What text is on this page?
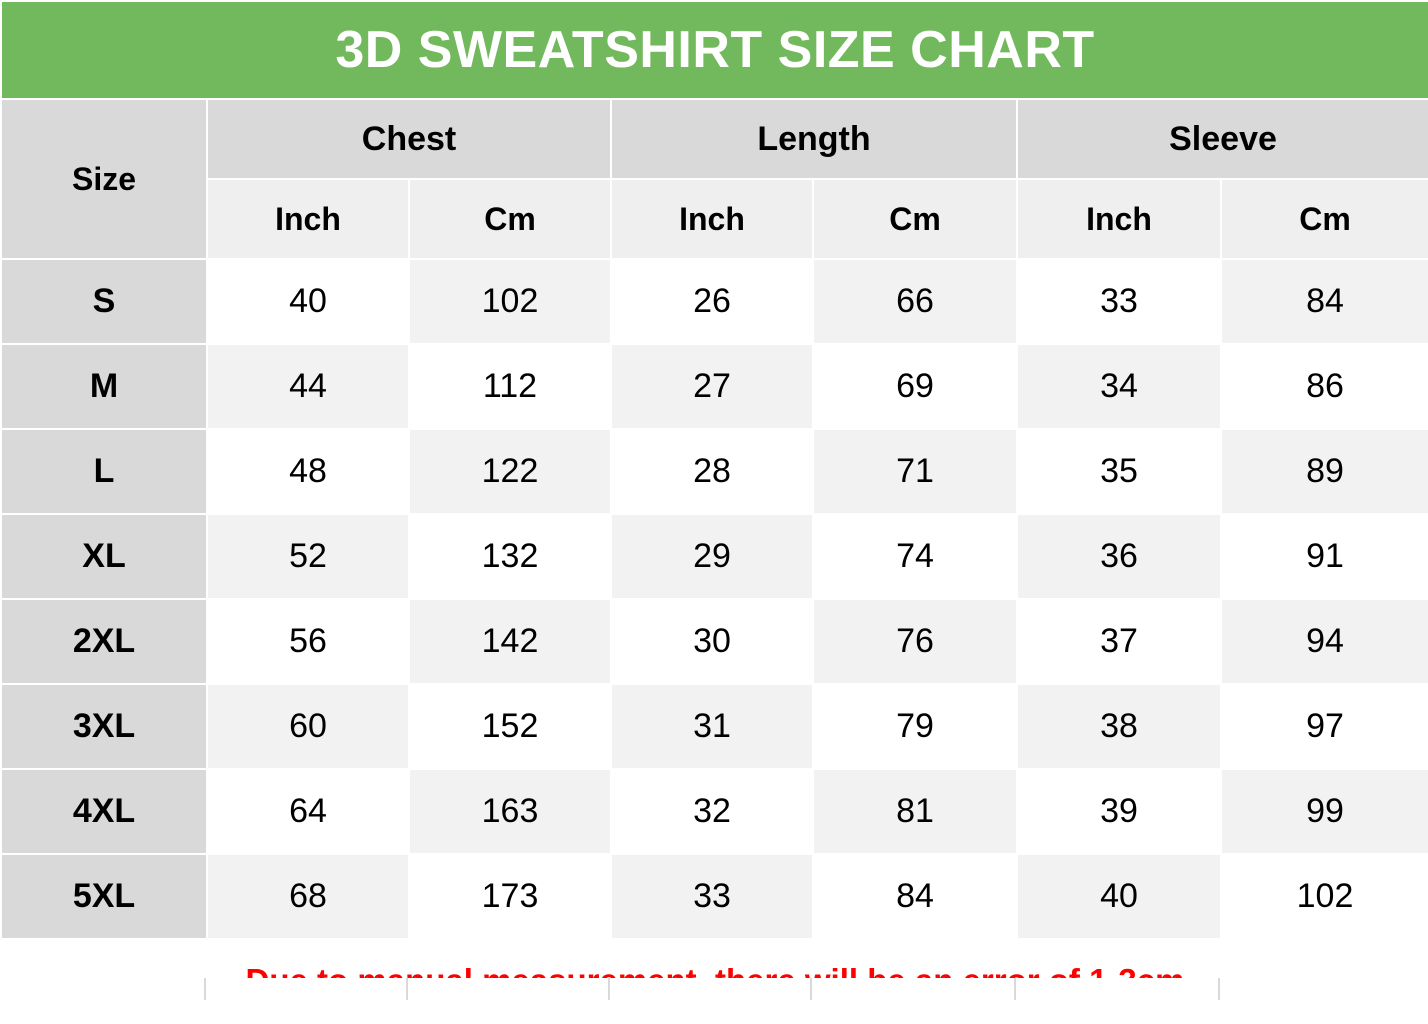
3D SWEATSHIRT SIZE CHART						
Size	Chest		Length		Sleeve	
	Inch	Cm	Inch	Cm	Inch	Cm
S	40	102	26	66	33	84
M	44	112	27	69	34	86
L	48	122	28	71	35	89
XL	52	132	29	74	36	91
2XL	56	142	30	76	37	94
3XL	60	152	31	79	38	97
4XL	64	163	32	81	39	99
5XL	68	173	33	84	40	102
